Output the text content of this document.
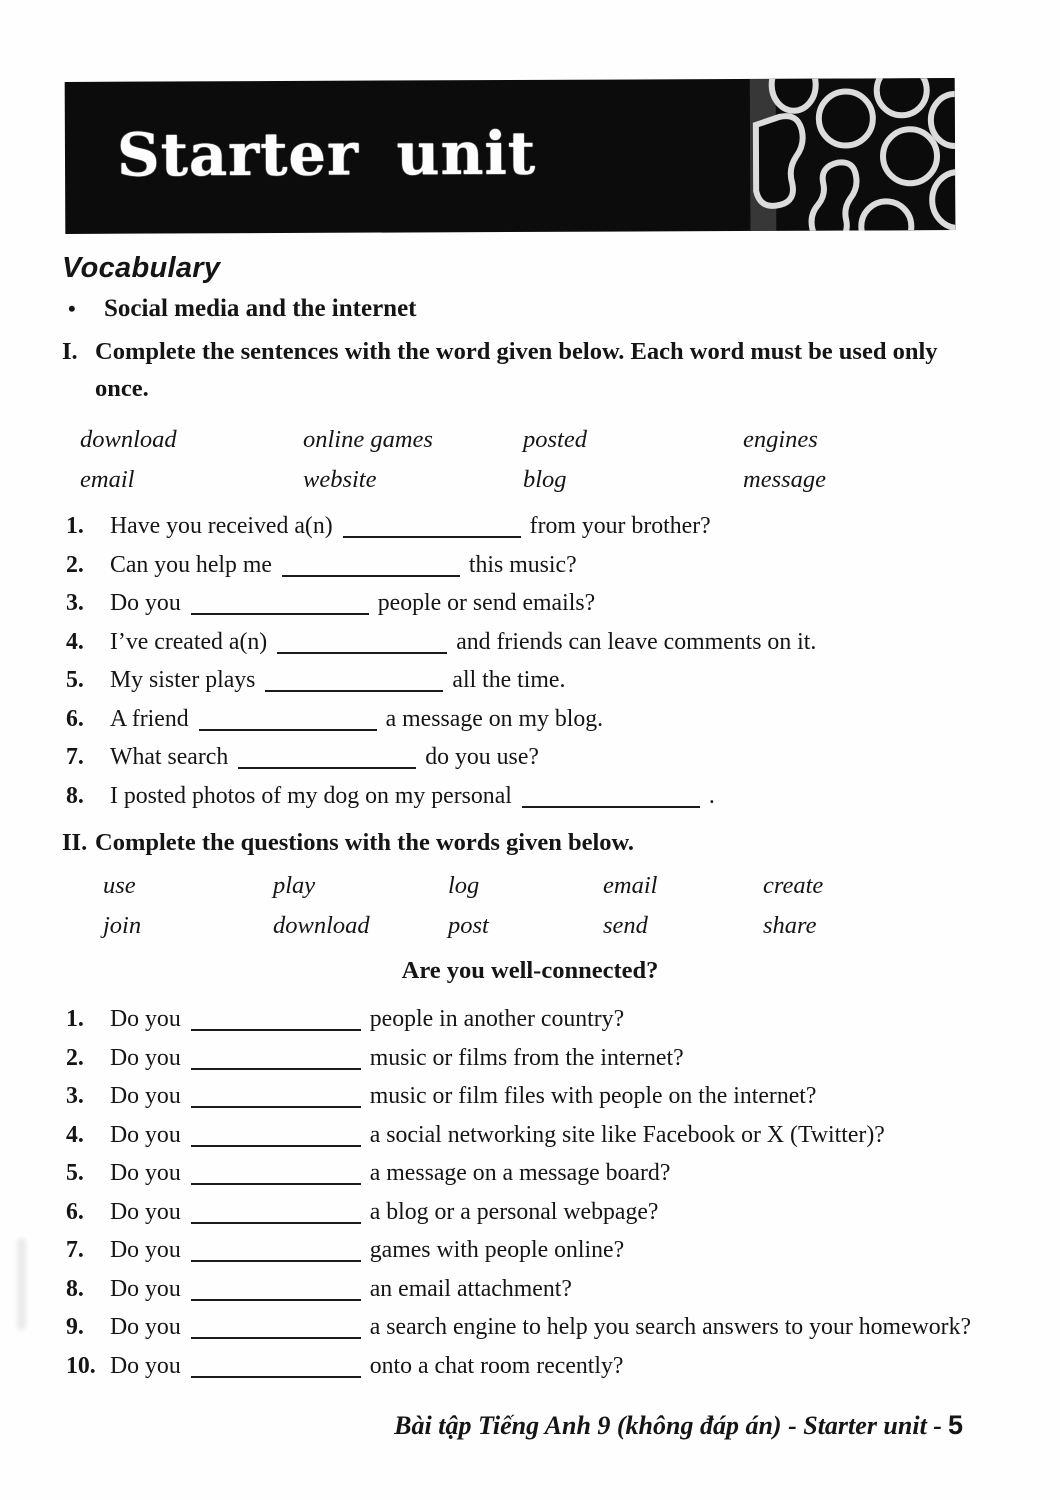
Starter unit
Vocabulary
•	Social media and the internet
I. Complete the sentences with the word given below. Each word must be used only once.
download	online games	posted	engines
email	website	blog	message
1.	Have you received a(n)	from your brother?
2.	Can you help me	this music?
3.	Do you	people or send emails?
4.	I’ve created a(n)	and friends can leave comments on it.
5.	My sister plays	all the time.
6.	A friend	a message on my blog.
7.	What search	do you use?
8.	I posted photos of my dog on my personal	.
II. Complete the questions with the words given below.
use	play	log	email	create
join	download	post	send	share
Are you well-connected?
1.	Do you	people in another country?
2.	Do you	music or films from the internet?
3.	Do you	music or film files with people on the internet?
4.	Do you	a social networking site like Facebook or X (Twitter)?
5.	Do you	a message on a message board?
6.	Do you	a blog or a personal webpage?
7.	Do you	games with people online?
8.	Do you	an email attachment?
9.	Do you	a search engine to help you search answers to your homework?
10. Do you	onto a chat room recently?
Bài tập Tiếng Anh 9 (không đáp án) - Starter unit - 5
